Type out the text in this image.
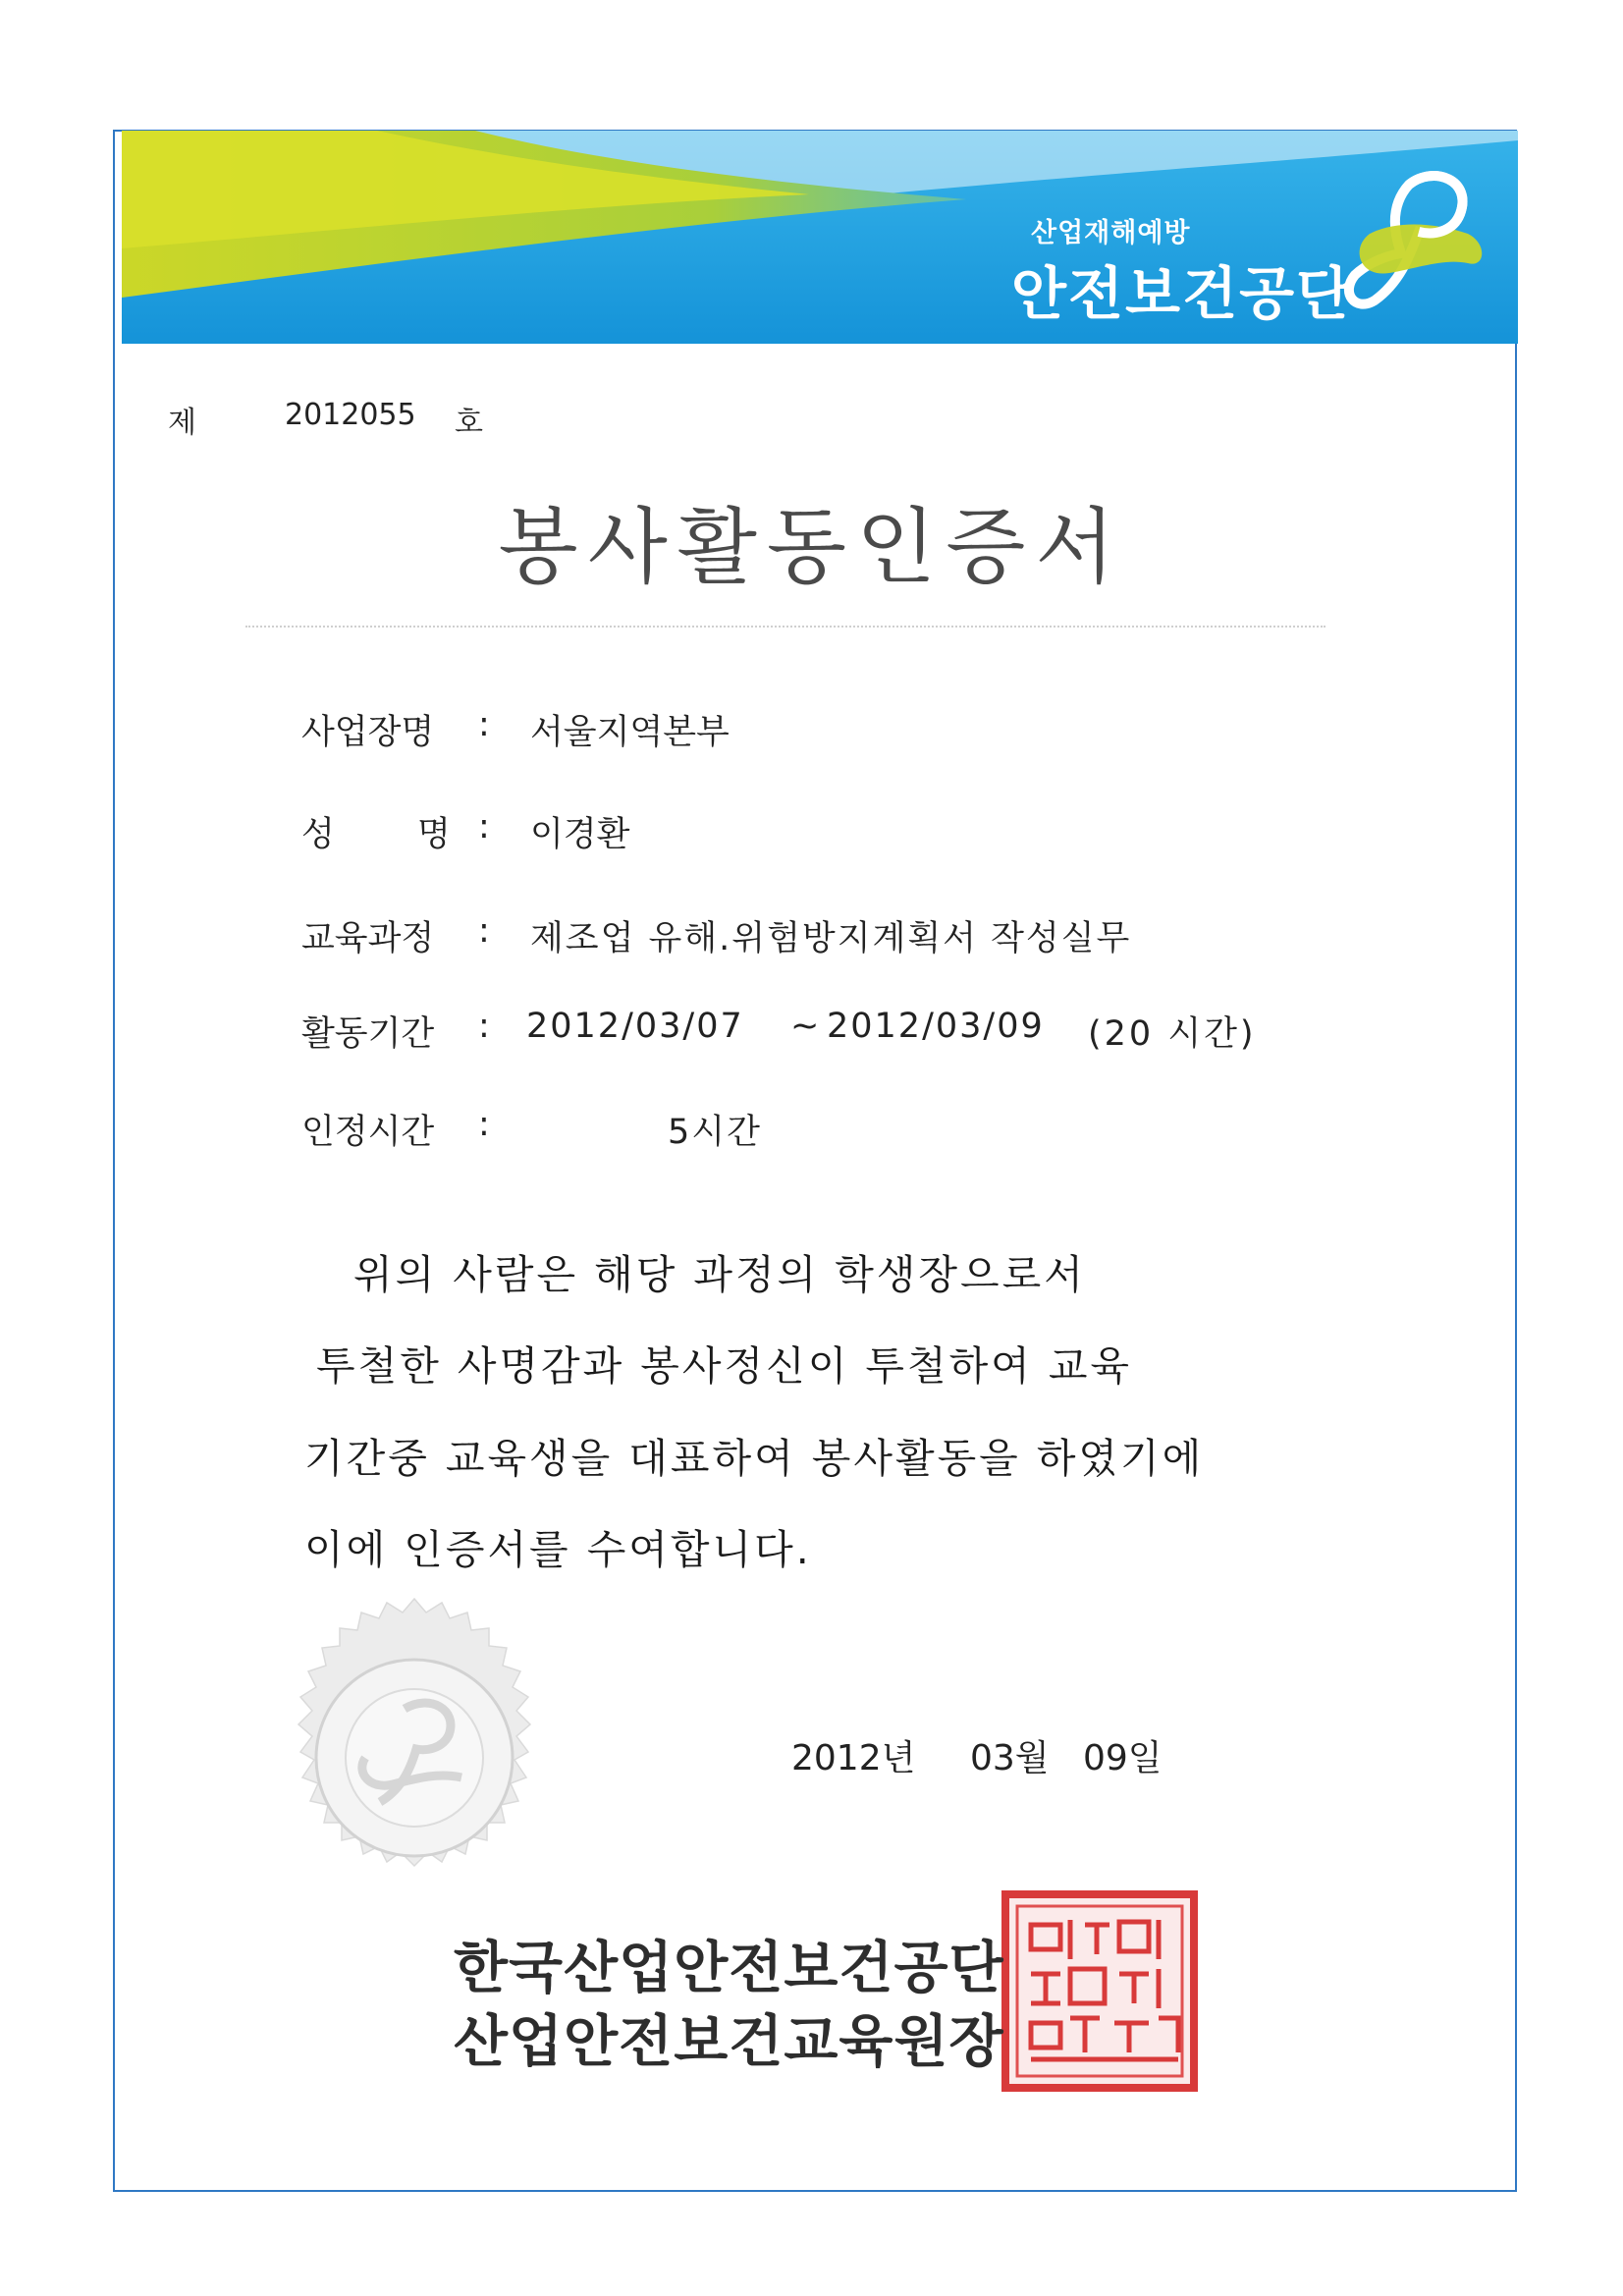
산업재해예방
안전보건공단
제	2012055 호
봉사활동인증서
사업장명 : 서울지역본부
성 명 : 이경환
교육과정 : 제조업 유해.위험방지계획서 작성실무
활동기간 : 2012/03/07 ~ 2012/03/09 (20 시간)
인정시간 :	5시간
위의 사람은 해당 과정의 학생장으로서
투철한 사명감과 봉사정신이 투철하여 교육
기간중 교육생을 대표하여 봉사활동을 하였기에
이에 인증서를 수여합니다.
2012년 03월 09일
한국산업안전보건공단
산업안전보건교육원장
